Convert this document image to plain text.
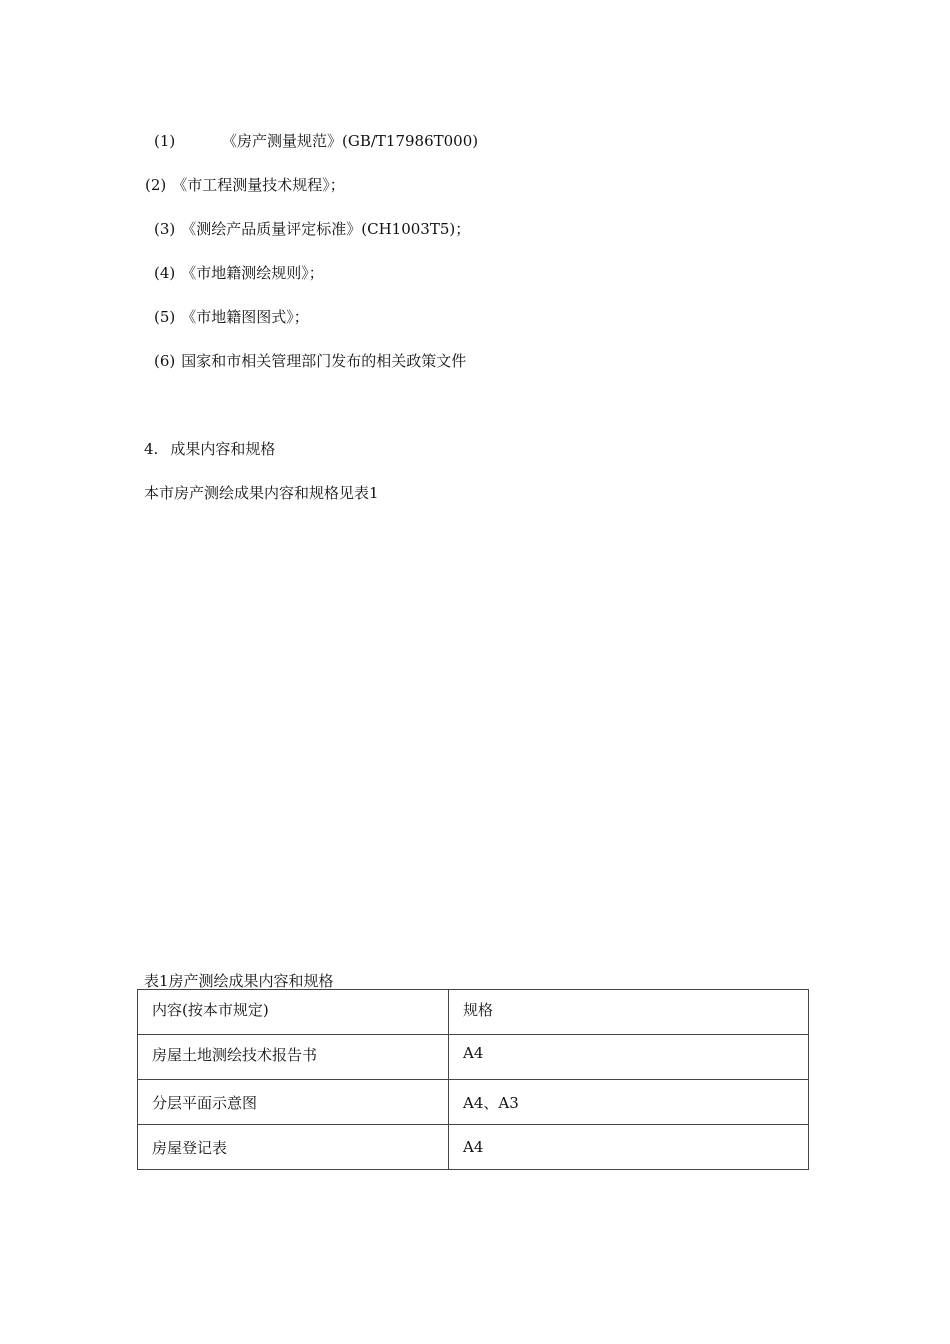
(1)	《房产测量规范》(GB/T17986T000)
(2) 《市工程测量技术规程》；
(3) 《测绘产品质量评定标准》(CH1003T5)；
(4) 《市地籍测绘规则》；
(5) 《市地籍图图式》；
(6) 国家和市相关管理部门发布的相关政策文件
4. 成果内容和规格
本市房产测绘成果内容和规格见表1
表1房产测绘成果内容和规格
内容(按本市规定)	规格
房屋土地测绘技术报告书	A4
分层平面示意图	A4、A3
房屋登记表	A4
